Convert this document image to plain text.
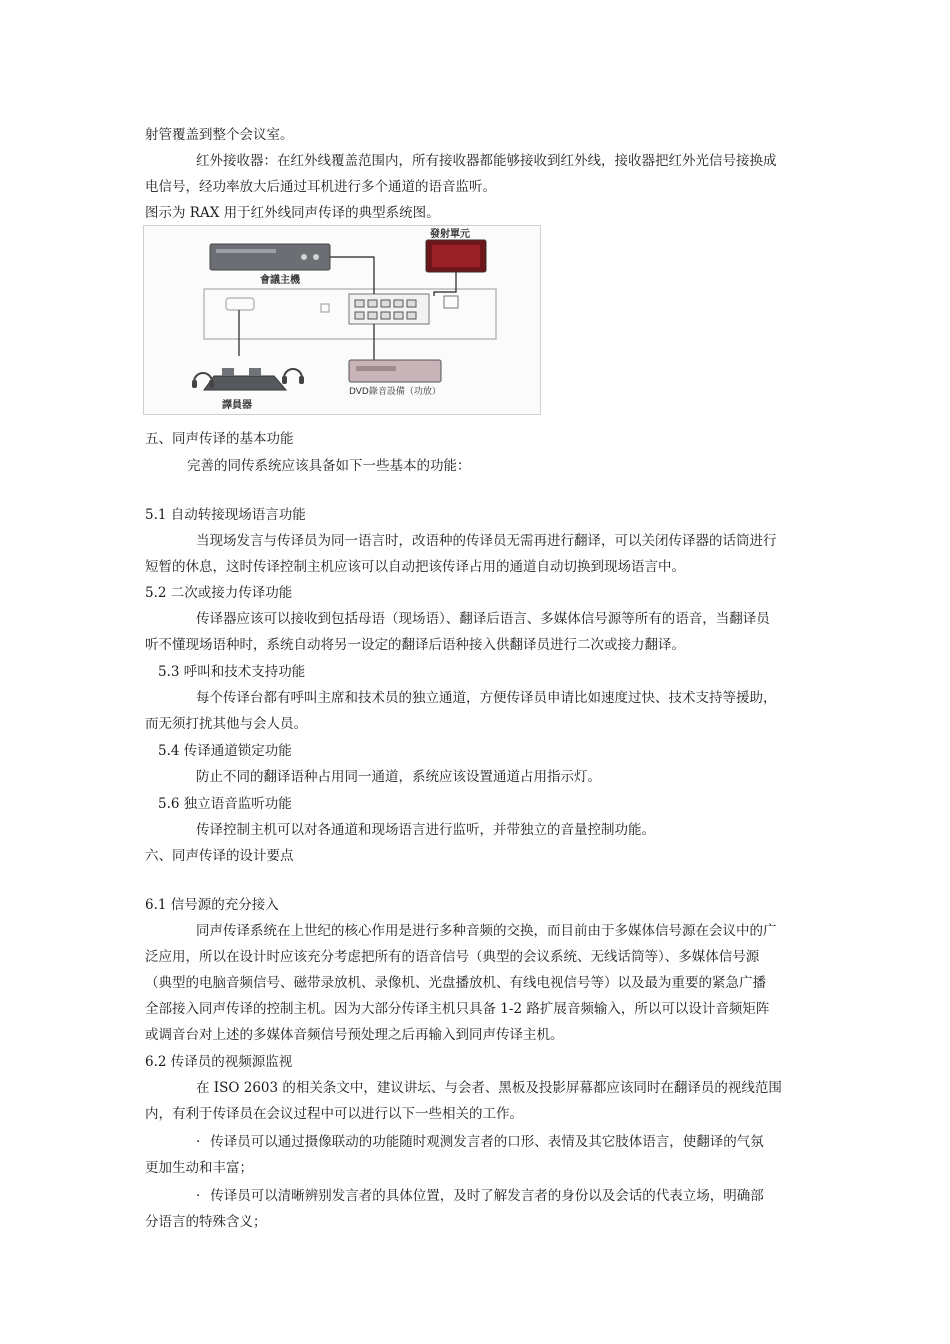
射管覆盖到整个会议室。
红外接收器：在红外线覆盖范围内，所有接收器都能够接收到红外线，接收器把红外光信号接换成
电信号，经功率放大后通过耳机进行多个通道的语音监听。
图示为 RAX 用于红外线同声传译的典型系统图。
會議主機
發射單元
DVD錄音設備（功放）
譯員器
五、同声传译的基本功能
完善的同传系统应该具备如下一些基本的功能：
5.1 自动转接现场语言功能
当现场发言与传译员为同一语言时，改语种的传译员无需再进行翻译，可以关闭传译器的话筒进行
短暂的休息，这时传译控制主机应该可以自动把该传译占用的通道自动切换到现场语言中。
5.2 二次或接力传译功能
传译器应该可以接收到包括母语（现场语）、翻译后语言、多媒体信号源等所有的语音，当翻译员
听不懂现场语种时，系统自动将另一设定的翻译后语种接入供翻译员进行二次或接力翻译。
5.3 呼叫和技术支持功能
每个传译台都有呼叫主席和技术员的独立通道，方便传译员申请比如速度过快、技术支持等援助，
而无须打扰其他与会人员。
5.4 传译通道锁定功能
防止不同的翻译语种占用同一通道，系统应该设置通道占用指示灯。
5.6 独立语音监听功能
传译控制主机可以对各通道和现场语言进行监听，并带独立的音量控制功能。
六、同声传译的设计要点
6.1 信号源的充分接入
同声传译系统在上世纪的核心作用是进行多种音频的交换，而目前由于多媒体信号源在会议中的广
泛应用，所以在设计时应该充分考虑把所有的语音信号（典型的会议系统、无线话筒等）、多媒体信号源
（典型的电脑音频信号、磁带录放机、录像机、光盘播放机、有线电视信号等）以及最为重要的紧急广播
全部接入同声传译的控制主机。因为大部分传译主机只具备 1-2 路扩展音频输入，所以可以设计音频矩阵
或调音台对上述的多媒体音频信号预处理之后再输入到同声传译主机。
6.2 传译员的视频源监视
在 ISO 2603 的相关条文中，建议讲坛、与会者、黑板及投影屏幕都应该同时在翻译员的视线范围
内，有利于传译员在会议过程中可以进行以下一些相关的工作。
· 传译员可以通过摄像联动的功能随时观测发言者的口形、表情及其它肢体语言，使翻译的气氛
更加生动和丰富；
· 传译员可以清晰辨别发言者的具体位置，及时了解发言者的身份以及会话的代表立场，明确部
分语言的特殊含义；
